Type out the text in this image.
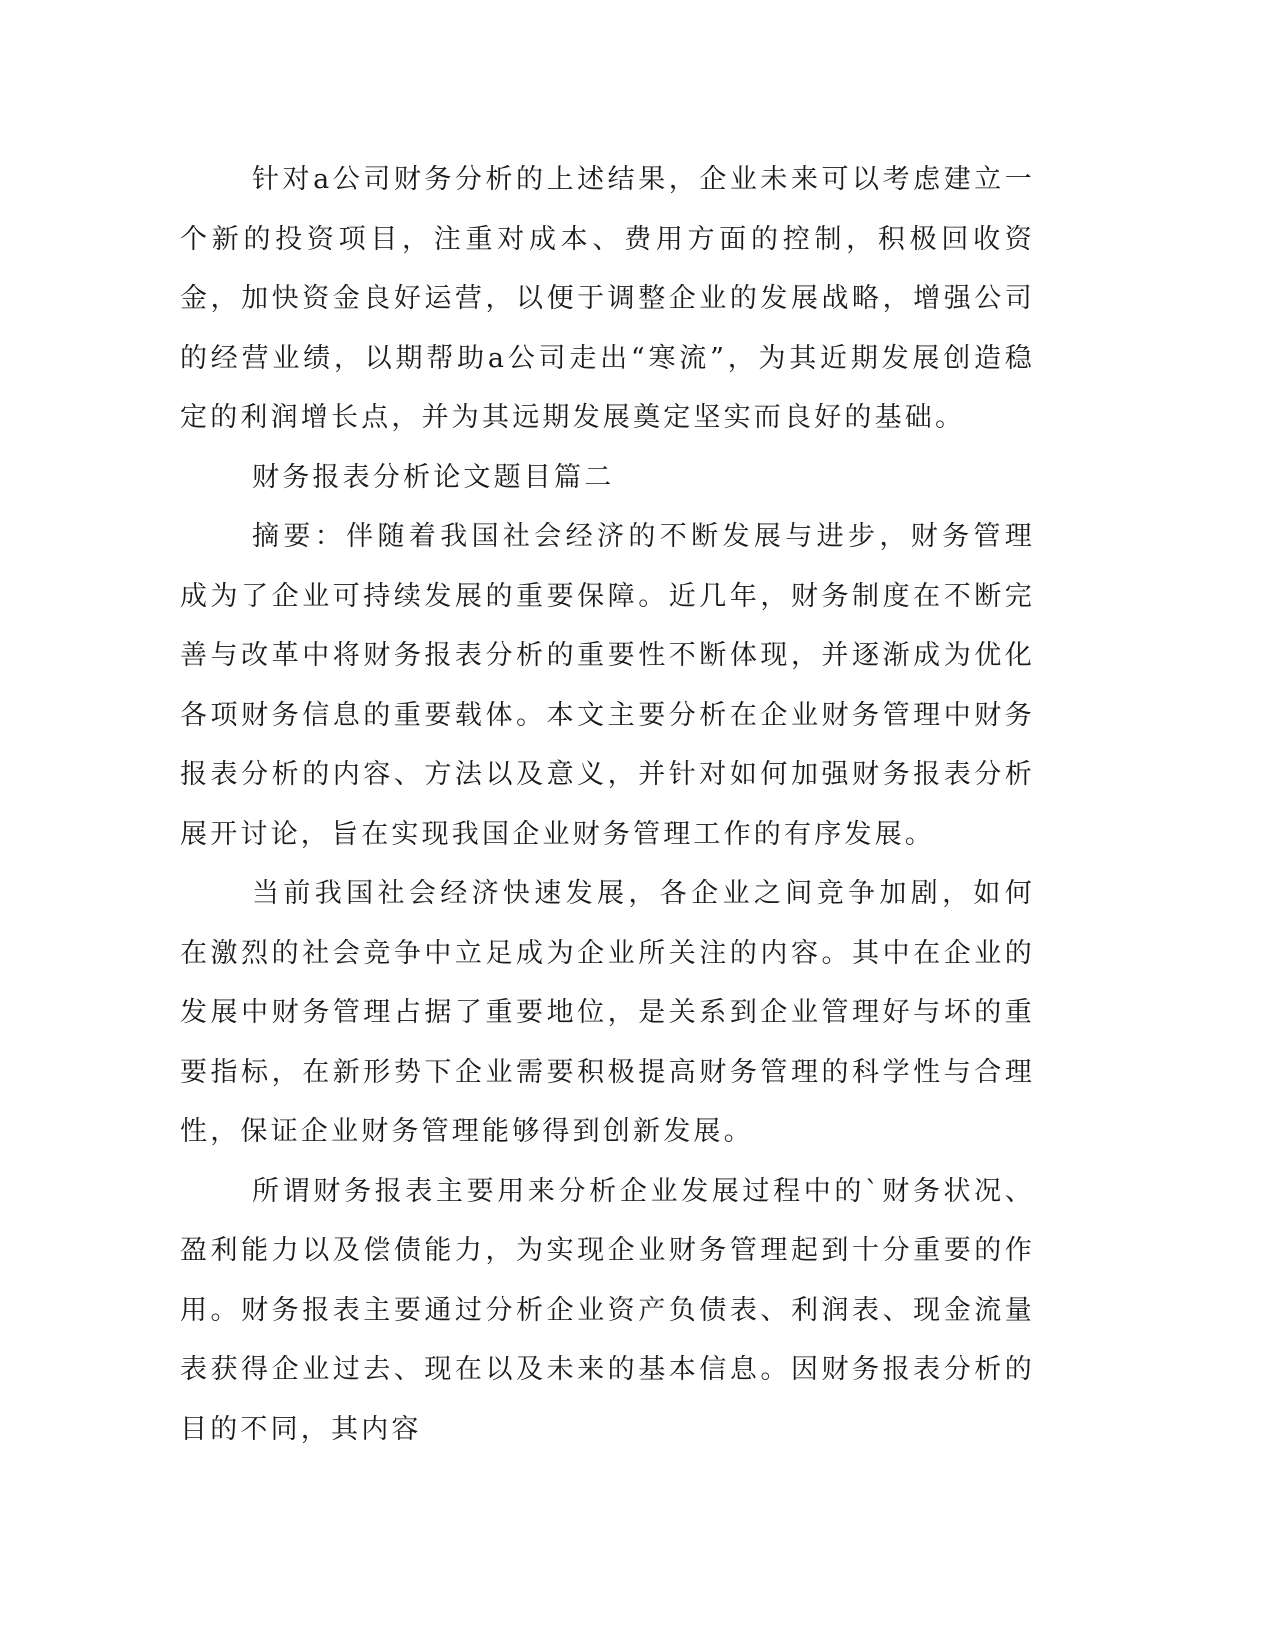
针对a公司财务分析的上述结果，企业未来可以考虑建立一个新的投资项目，注重对成本、费用方面的控制，积极回收资金，加快资金良好运营，以便于调整企业的发展战略，增强公司的经营业绩，以期帮助a公司走出“寒流”，为其近期发展创造稳定的利润增长点，并为其远期发展奠定坚实而良好的基础。

财务报表分析论文题目篇二

摘要：伴随着我国社会经济的不断发展与进步，财务管理成为了企业可持续发展的重要保障。近几年，财务制度在不断完善与改革中将财务报表分析的重要性不断体现，并逐渐成为优化各项财务信息的重要载体。本文主要分析在企业财务管理中财务报表分析的内容、方法以及意义，并针对如何加强财务报表分析展开讨论，旨在实现我国企业财务管理工作的有序发展。

当前我国社会经济快速发展，各企业之间竞争加剧，如何在激烈的社会竞争中立足成为企业所关注的内容。其中在企业的发展中财务管理占据了重要地位，是关系到企业管理好与坏的重要指标，在新形势下企业需要积极提高财务管理的科学性与合理性，保证企业财务管理能够得到创新发展。

所谓财务报表主要用来分析企业发展过程中的`财务状况、盈利能力以及偿债能力，为实现企业财务管理起到十分重要的作用。财务报表主要通过分析企业资产负债表、利润表、现金流量表获得企业过去、现在以及未来的基本信息。因财务报表分析的目的不同，其内容
